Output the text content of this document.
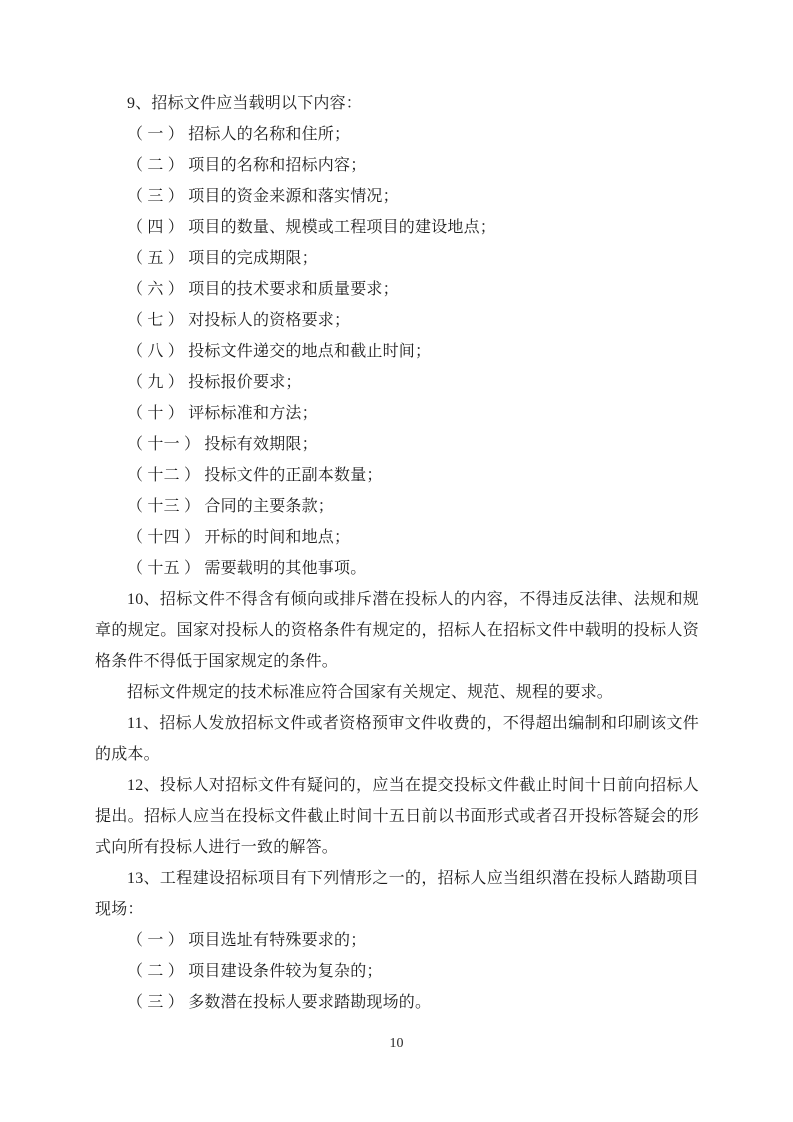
9、招标文件应当载明以下内容：

（ 一 ） 招标人的名称和住所；

（ 二 ） 项目的名称和招标内容；

（ 三 ） 项目的资金来源和落实情况；

（ 四 ） 项目的数量、规模或工程项目的建设地点；

（ 五 ） 项目的完成期限；

（ 六 ） 项目的技术要求和质量要求；

（ 七 ） 对投标人的资格要求；

（ 八 ） 投标文件递交的地点和截止时间；

（ 九 ） 投标报价要求；

（ 十 ） 评标标准和方法；

（ 十一 ） 投标有效期限；

（ 十二 ） 投标文件的正副本数量；

（ 十三 ） 合同的主要条款；

（ 十四 ） 开标的时间和地点；

（ 十五 ） 需要载明的其他事项。

10、招标文件不得含有倾向或排斥潜在投标人的内容，不得违反法律、法规和规章的规定。国家对投标人的资格条件有规定的，招标人在招标文件中载明的投标人资格条件不得低于国家规定的条件。

招标文件规定的技术标准应符合国家有关规定、规范、规程的要求。

11、招标人发放招标文件或者资格预审文件收费的，不得超出编制和印刷该文件的成本。

12、投标人对招标文件有疑问的，应当在提交投标文件截止时间十日前向招标人提出。招标人应当在投标文件截止时间十五日前以书面形式或者召开投标答疑会的形式向所有投标人进行一致的解答。

13、工程建设招标项目有下列情形之一的，招标人应当组织潜在投标人踏勘项目现场：

（ 一 ） 项目选址有特殊要求的；

（ 二 ） 项目建设条件较为复杂的；

（ 三 ） 多数潜在投标人要求踏勘现场的。

10
